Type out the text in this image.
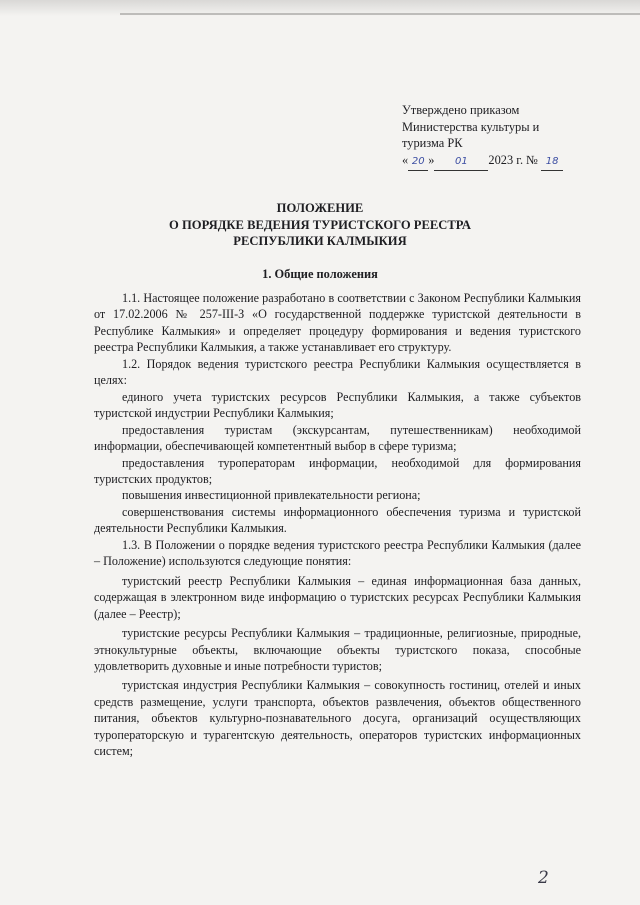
Утверждено приказом
Министерства культуры и
туризма РК
« 20 » 01 2023 г. № 18
ПОЛОЖЕНИЕ
О ПОРЯДКЕ ВЕДЕНИЯ ТУРИСТСКОГО РЕЕСТРА
РЕСПУБЛИКИ КАЛМЫКИЯ
1. Общие положения

1.1. Настоящее положение разработано в соответствии с Законом Республики Калмыкия от 17.02.2006 № 257-III-З «О государственной поддержке туристской деятельности в Республике Калмыкия» и определяет процедуру формирования и ведения туристского реестра Республики Калмыкия, а также устанавливает его структуру.

1.2. Порядок ведения туристского реестра Республики Калмыкия осуществляется в целях:

единого учета туристских ресурсов Республики Калмыкия, а также субъектов туристской индустрии Республики Калмыкия;

предоставления туристам (экскурсантам, путешественникам) необходимой информации, обеспечивающей компетентный выбор в сфере туризма;

предоставления туроператорам информации, необходимой для формирования туристских продуктов;

повышения инвестиционной привлекательности региона;

совершенствования системы информационного обеспечения туризма и туристской деятельности Республики Калмыкия.

1.3. В Положении о порядке ведения туристского реестра Республики Калмыкия (далее – Положение) используются следующие понятия:

туристский реестр Республики Калмыкия – единая информационная база данных, содержащая в электронном виде информацию о туристских ресурсах Республики Калмыкия (далее – Реестр);

туристские ресурсы Республики Калмыкия – традиционные, религиозные, природные, этнокультурные объекты, включающие объекты туристского показа, способные удовлетворить духовные и иные потребности туристов;

туристская индустрия Республики Калмыкия – совокупность гостиниц, отелей и иных средств размещение, услуги транспорта, объектов развлечения, объектов общественного питания, объектов культурно-познавательного досуга, организаций осуществляющих туроператорскую и турагентскую деятельность, операторов туристских информационных систем;

2
